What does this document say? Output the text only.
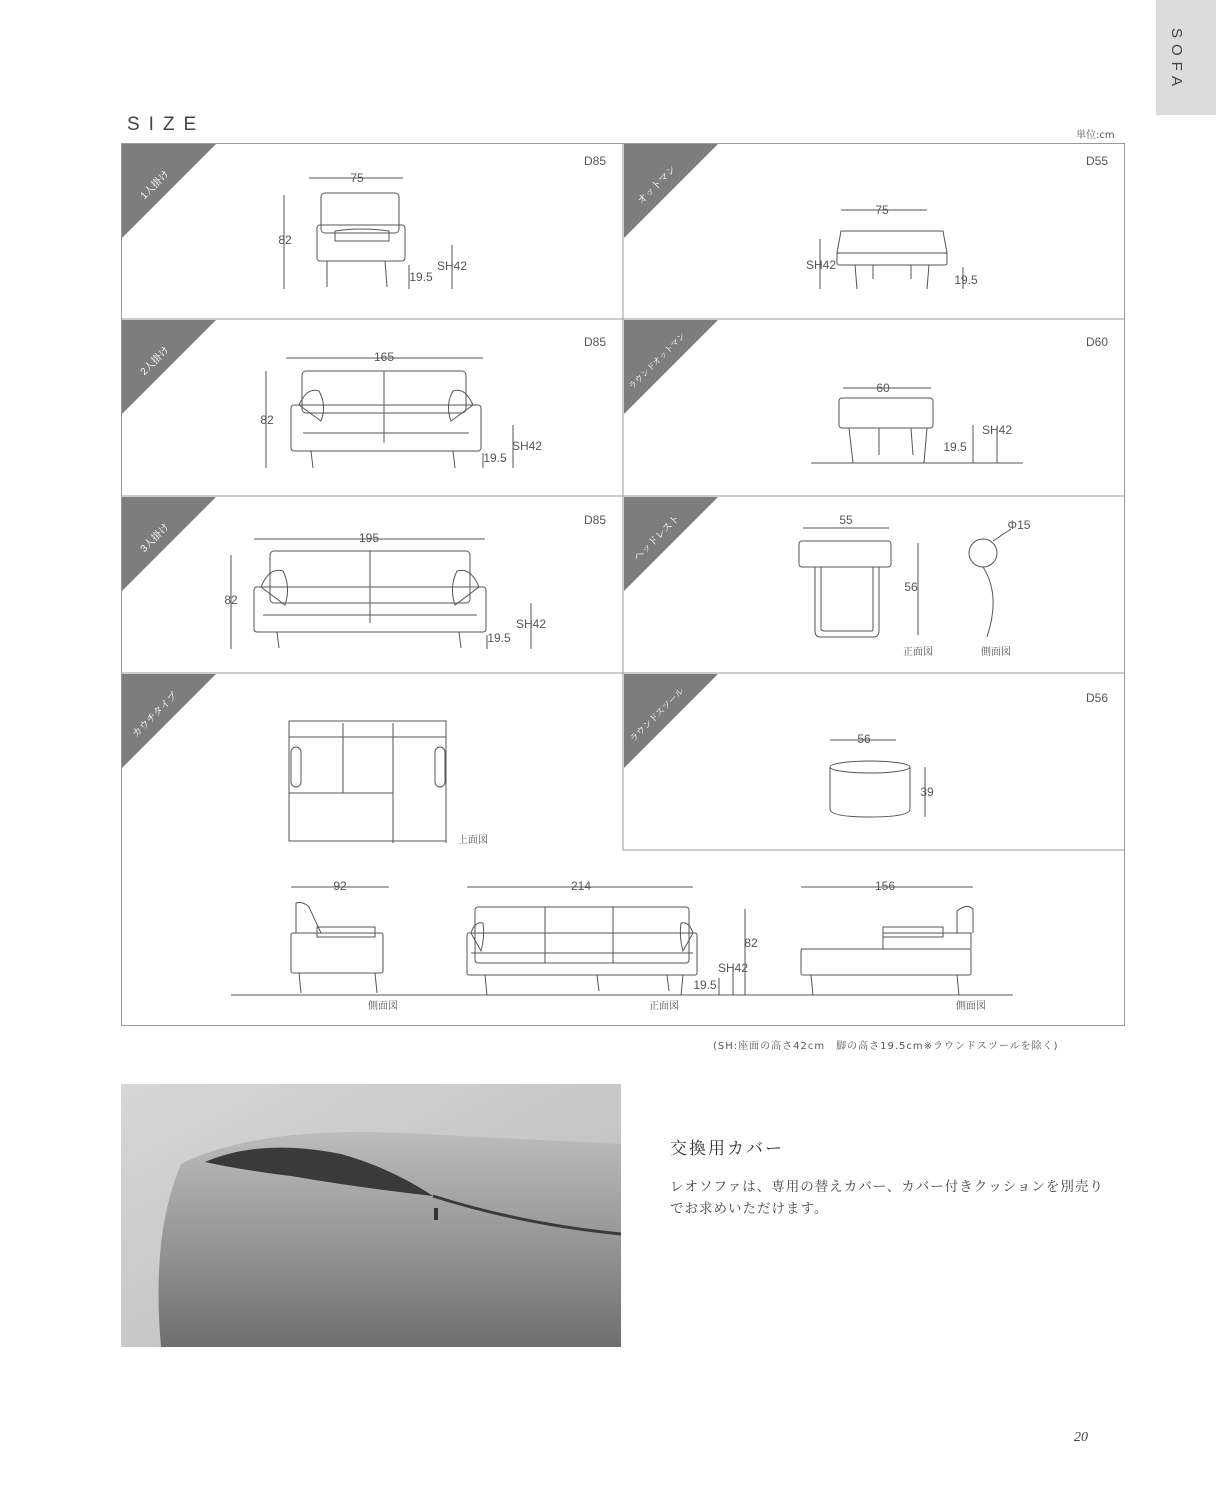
SOFA
SIZE
単位:cm
1人掛け	オットマン
2人掛け	ラウンドオットマン
3人掛け	ヘッドレスト
カウチタイプ	ラウンドスツール
D85	D55
D85	D60
D85
D56
75
82
SH42
19.5
75
SH42
19.5
165
82
SH42
19.5
60
SH42
19.5
195
82
SH42
19.5
55
56
Φ15
正面図	側面図
上面図
92	214	156
82
SH42
19.5
側面図	正面図	側面図
56
39
(SH:座面の高さ42cm　脚の高さ19.5cm※ラウンドスツールを除く)
交換用カバー
レオソファは、専用の替えカバー、カバー付きクッションを別売りでお求めいただけます。
20
